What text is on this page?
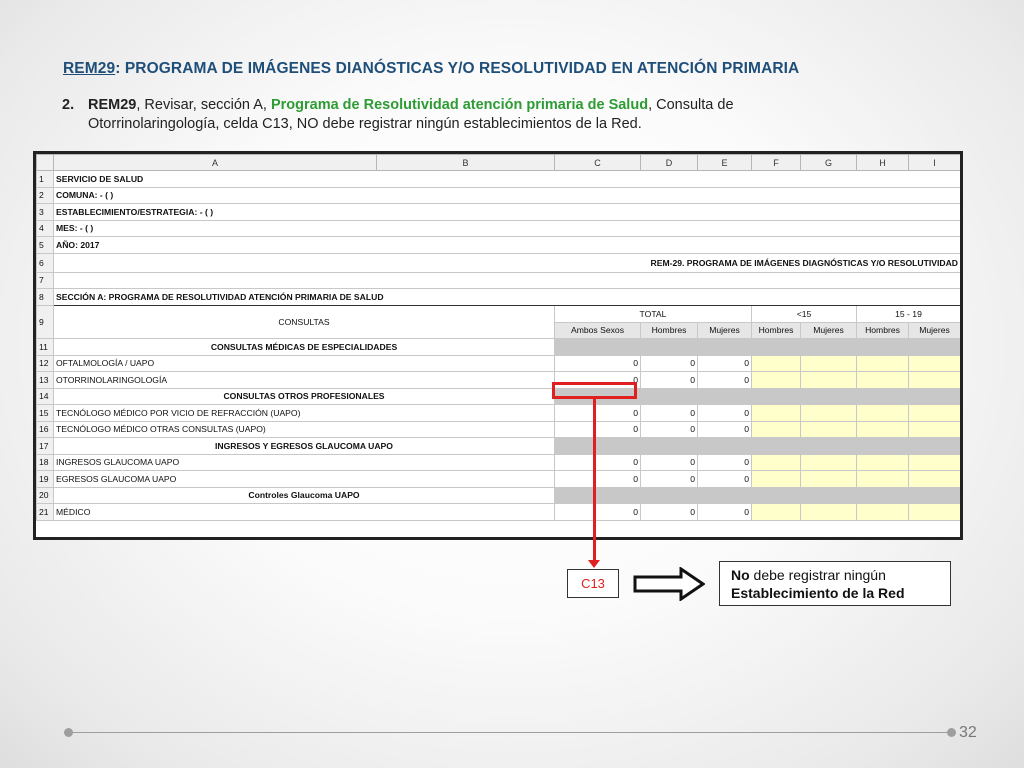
REM29: PROGRAMA DE IMÁGENES DIANÓSTICAS Y/O RESOLUTIVIDAD EN ATENCIÓN PRIMARIA
2. REM29, Revisar, sección A, Programa de Resolutividad atención primaria de Salud, Consulta de
Otorrinolaringología, celda C13, NO debe registrar ningún establecimientos de la Red.
	A	B	C	D	E	F	G	H	I
1	SERVICIO DE SALUD								
2	COMUNA: - ( )								
3	ESTABLECIMIENTO/ESTRATEGIA: - ( )								
4	MES: - ( )								
5	AÑO: 2017								
6	REM-29. PROGRAMA DE IMÁGENES DIAGNÓSTICAS Y/O RESOLUTIVIDAD								
7									
8	SECCIÓN A: PROGRAMA DE RESOLUTIVIDAD ATENCIÓN PRIMARIA DE SALUD								
9	CONSULTAS		TOTAL			<15		15 - 19	
			Ambos Sexos	Hombres	Mujeres	Hombres	Mujeres	Hombres	Mujeres
11	CONSULTAS MÉDICAS DE ESPECIALIDADES								
12	OFTALMOLOGÍA / UAPO		0	0	0				
13	OTORRINOLARINGOLOGÍA		0	0	0				
14	CONSULTAS OTROS PROFESIONALES								
15	TECNÓLOGO MÉDICO POR VICIO DE REFRACCIÓN (UAPO)		0	0	0				
16	TECNÓLOGO MÉDICO OTRAS CONSULTAS (UAPO)		0	0	0				
17	INGRESOS Y EGRESOS GLAUCOMA UAPO								
18	INGRESOS GLAUCOMA UAPO		0	0	0				
19	EGRESOS GLAUCOMA UAPO		0	0	0				
20	Controles Glaucoma UAPO								
21	MÉDICO		0	0	0				
C13
No debe registrar ningún
Establecimiento de la Red
32
